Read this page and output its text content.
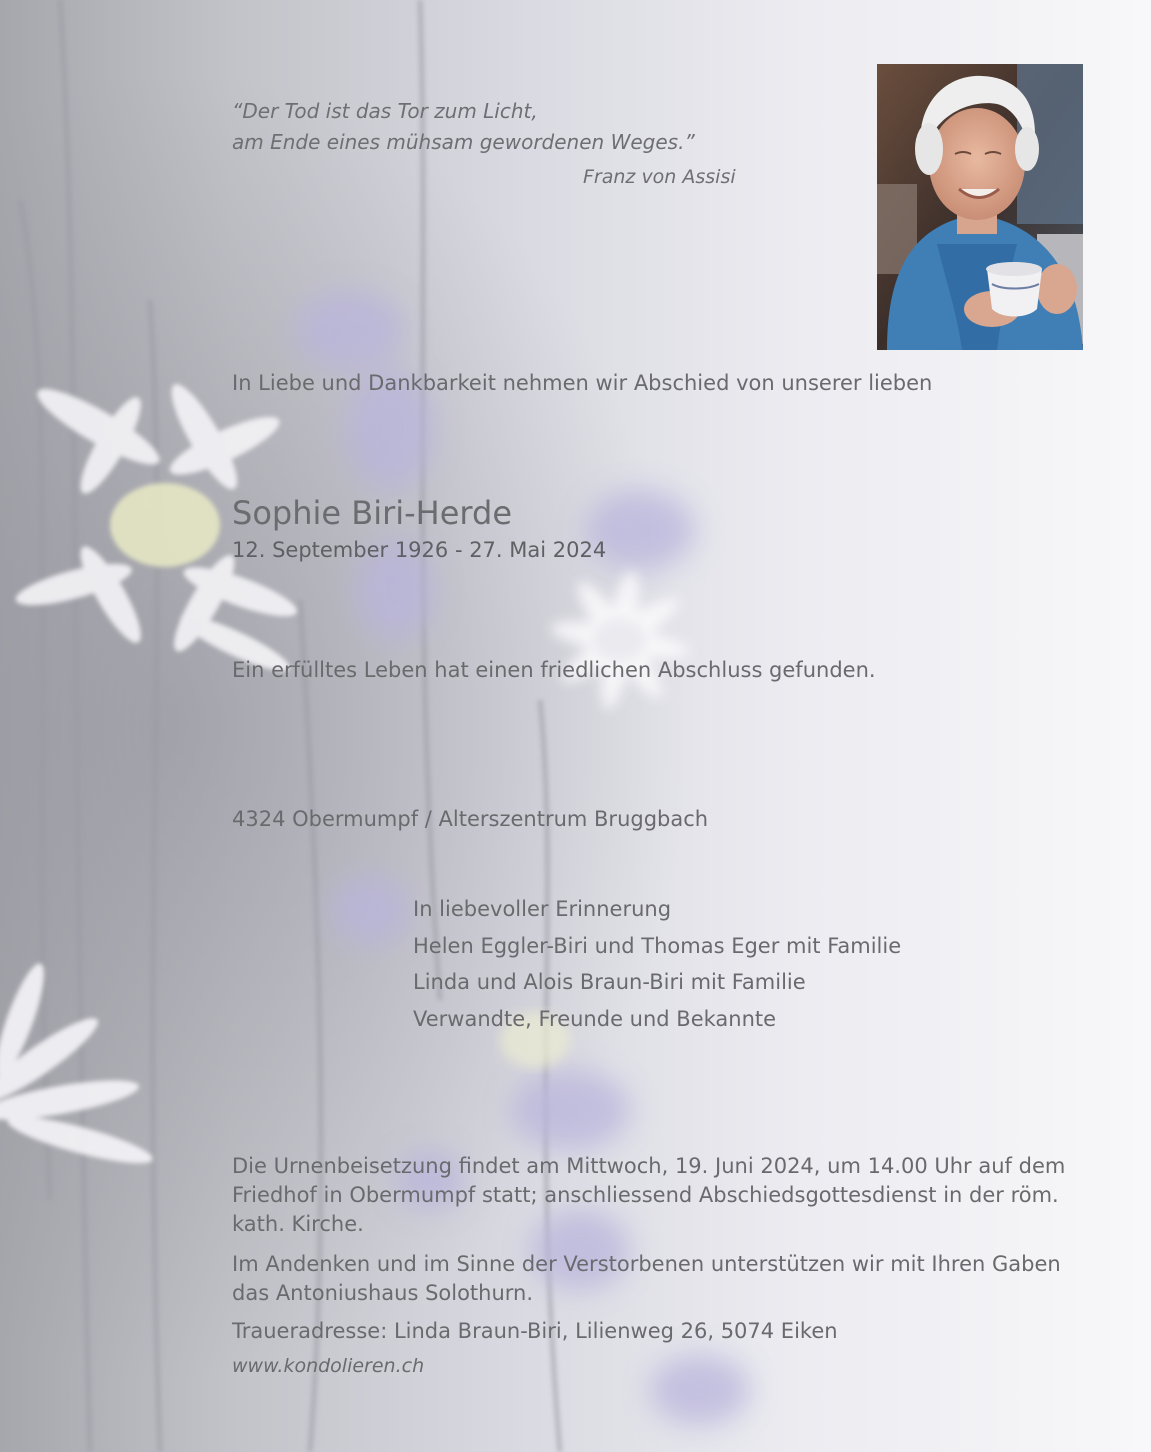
“Der Tod ist das Tor zum Licht,
am Ende eines mühsam gewordenen Weges.”
Franz von Assisi
In Liebe und Dankbarkeit nehmen wir Abschied von unserer lieben
Sophie Biri-Herde
12. September 1926 - 27. Mai 2024
Ein erfülltes Leben hat einen friedlichen Abschluss gefunden.
4324 Obermumpf / Alterszentrum Bruggbach
In liebevoller Erinnerung
Helen Eggler-Biri und Thomas Eger mit Familie
Linda und Alois Braun-Biri mit Familie
Verwandte, Freunde und Bekannte
Die Urnenbeisetzung findet am Mittwoch, 19. Juni 2024, um 14.00 Uhr auf dem Friedhof in Obermumpf statt; anschliessend Abschiedsgottesdienst in der röm. kath. Kirche.
Im Andenken und im Sinne der Verstorbenen unterstützen wir mit Ihren Gaben das Antoniushaus Solothurn.
Traueradresse: Linda Braun-Biri, Lilienweg 26, 5074 Eiken
www.kondolieren.ch
